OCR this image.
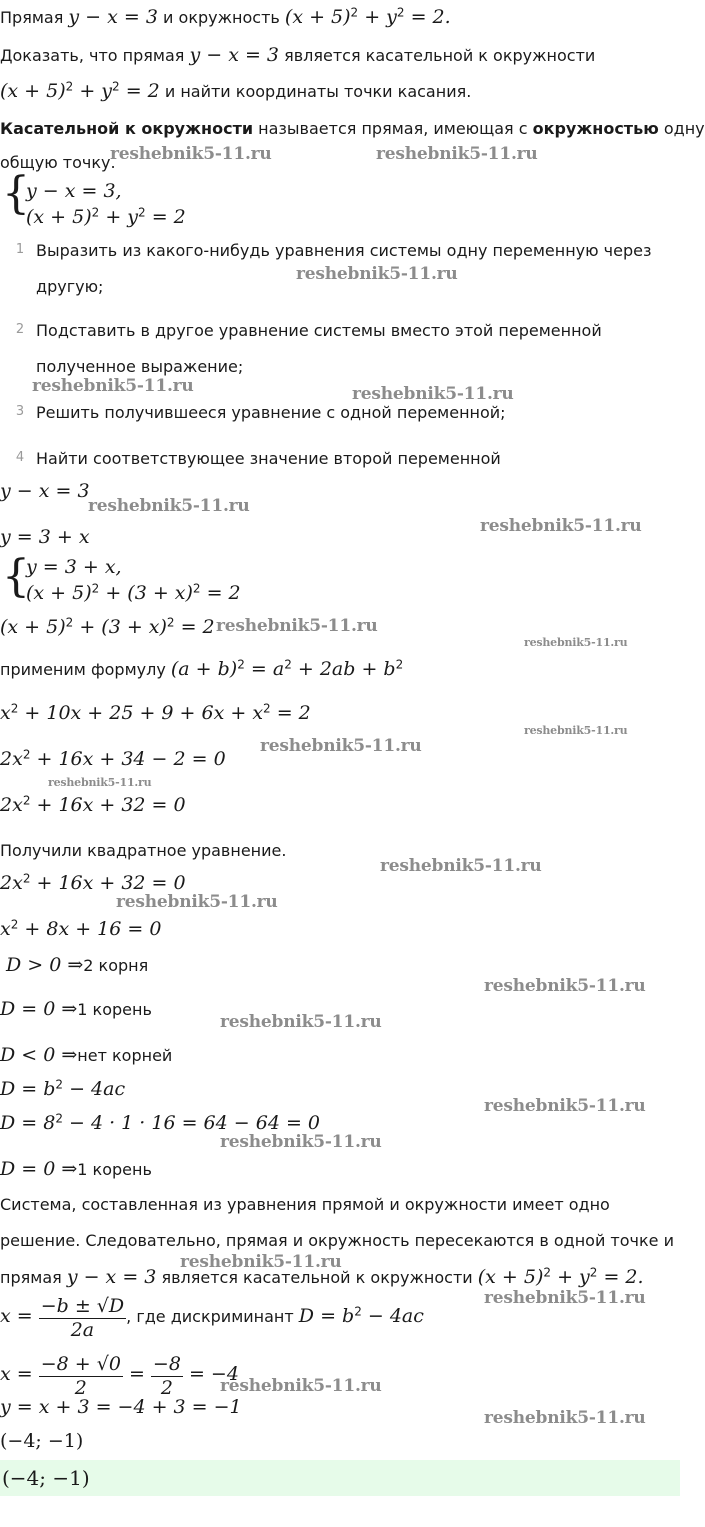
Прямая y − x = 3 и окружность $(x + 5)^2 + y^2 = 2$.
Доказать, что прямая y − x = 3 является касательной к окружности
$(x + 5)^2 + y^2 = 2$ и найти координаты точки касания.
Касательной к окружности называется прямая, имеющая с окружностью одну
общую точку.
{
y − x = 3,
$(x + 5)^2 + y^2 = 2$
1 Выразить из какого-нибудь уравнения системы одну переменную через
другую;
2 Подставить в другое уравнение системы вместо этой переменной
полученное выражение;
3 Решить получившееся уравнение с одной переменной;
4 Найти соответствующее значение второй переменной
y − x = 3
y = 3 + x
{
y = 3 + x,
$(x + 5)^2 + (3 + x)^2 = 2$
$(x + 5)^2 + (3 + x)^2 = 2$
применим формулу $(a + b)^2 = a^2 + 2ab + b^2$
$x^2 + 10x + 25 + 9 + 6x + x^2 = 2$
$2x^2 + 16x + 34 - 2 = 0$
$2x^2 + 16x + 32 = 0$
Получили квадратное уравнение.
$2x^2 + 16x + 32 = 0$
$x^2 + 8x + 16 = 0$
D > 0 ⇒2 корня
D = 0 ⇒1 корень
D < 0 ⇒нет корней
$D = b^2 - 4ac$
$D = 8^2 - 4 \cdot 1 \cdot 16 = 64 - 64 = 0$
D = 0 ⇒1 корень
Система, составленная из уравнения прямой и окружности имеет одно
решение. Следовательно, прямая и окружность пересекаются в одной точке и
прямая y − x = 3 является касательной к окружности $(x + 5)^2 + y^2 = 2$.
$x = \frac{-b \pm √D}{2a}$ , где дискриминант $D = b^2 - 4ac$
$x = \frac{-8 + √0}{2} = \frac{-8}{2} = -4$
y = x + 3 = −4 + 3 = −1
(−4; −1)
(−4; −1)
reshebnik5-11.ru	reshebnik5-11.ru
reshebnik5-11.ru
reshebnik5-11.ru	reshebnik5-11.ru
reshebnik5-11.ru
reshebnik5-11.ru
reshebnik5-11.ru
reshebnik5-11.ru
reshebnik5-11.ru
reshebnik5-11.ru
reshebnik5-11.ru
reshebnik5-11.ru
reshebnik5-11.ru
reshebnik5-11.ru
reshebnik5-11.ru
reshebnik5-11.ru
reshebnik5-11.ru
reshebnik5-11.ru
reshebnik5-11.ru
reshebnik5-11.ru
reshebnik5-11.ru
